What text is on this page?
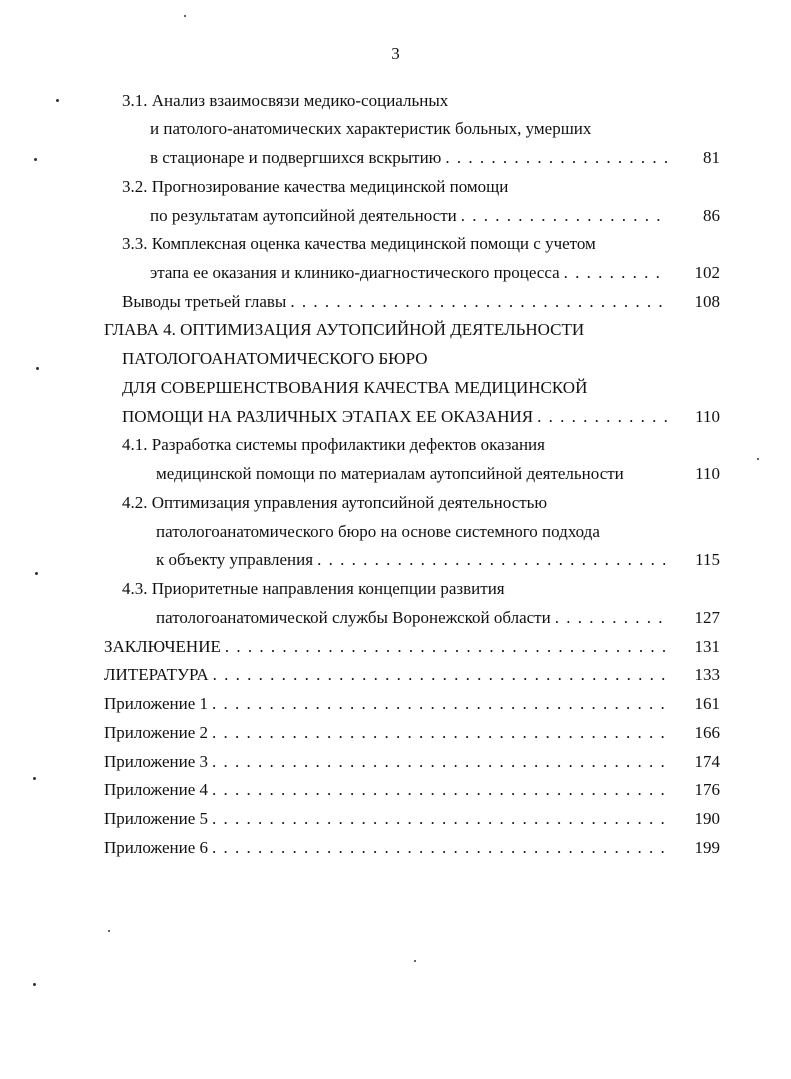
3
3.1. Анализ взаимосвязи медико-социальных
и патолого-анатомических характеристик больных, умерших
в стационаре и подвергшихся вскрытию . . .	81
3.2. Прогнозирование качества медицинской помощи
по результатам аутопсийной деятельности . . .	86
3.3. Комплексная оценка качества медицинской помощи с учетом
этапа ее оказания и клинико-диагностического процесса . . .	102
Выводы третьей главы . . .	108
ГЛАВА 4. ОПТИМИЗАЦИЯ АУТОПСИЙНОЙ ДЕЯТЕЛЬНОСТИ
ПАТОЛОГОАНАТОМИЧЕСКОГО БЮРО
ДЛЯ СОВЕРШЕНСТВОВАНИЯ КАЧЕСТВА МЕДИЦИНСКОЙ
ПОМОЩИ НА РАЗЛИЧНЫХ ЭТАПАХ ЕЕ ОКАЗАНИЯ . . .	110
4.1. Разработка системы профилактики дефектов оказания
медицинской помощи по материалам аутопсийной деятельности	110
4.2. Оптимизация управления аутопсийной деятельностью
патологоанатомического бюро на основе системного подхода
к объекту управления . . .	115
4.3. Приоритетные направления концепции развития
патологоанатомической службы Воронежской области . . .	127
ЗАКЛЮЧЕНИЕ . . .	131
ЛИТЕРАТУРА . . .	133
Приложение 1 . . .	161
Приложение 2 . . .	166
Приложение 3 . . .	174
Приложение 4 . . .	176
Приложение 5 . . .	190
Приложение 6 . . .	199
